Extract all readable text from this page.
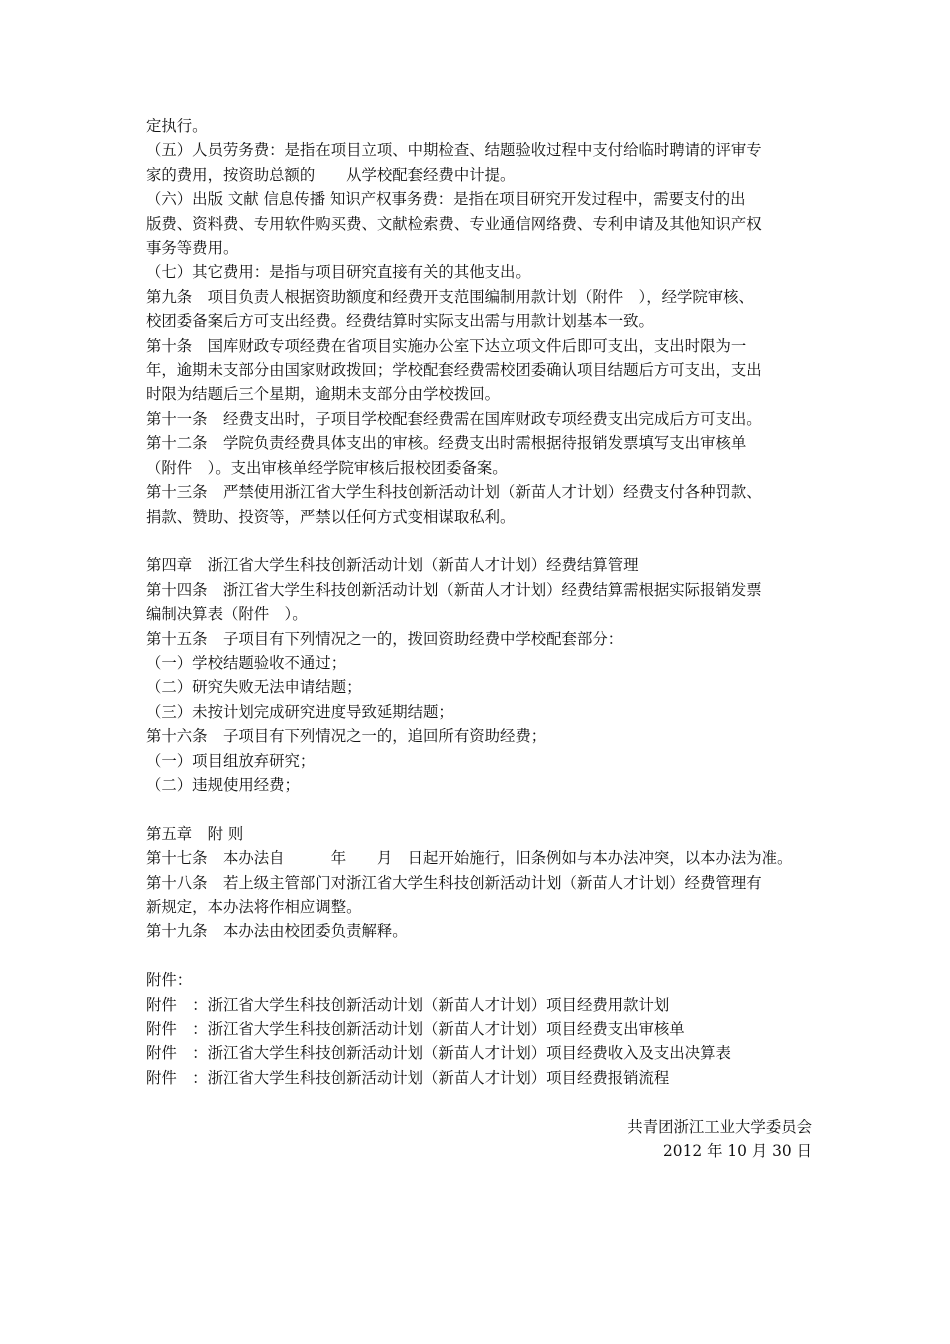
定执行。

（五）人员劳务费：是指在项目立项、中期检查、结题验收过程中支付给临时聘请的评审专

家的费用，按资助总额的　　从学校配套经费中计提。

（六）出版 文献 信息传播 知识产权事务费：是指在项目研究开发过程中，需要支付的出

版费、资料费、专用软件购买费、文献检索费、专业通信网络费、专利申请及其他知识产权

事务等费用。

（七）其它费用：是指与项目研究直接有关的其他支出。

第九条　项目负责人根据资助额度和经费开支范围编制用款计划（附件　），经学院审核、

校团委备案后方可支出经费。经费结算时实际支出需与用款计划基本一致。

第十条　国库财政专项经费在省项目实施办公室下达立项文件后即可支出，支出时限为一

年，逾期未支部分由国家财政拨回；学校配套经费需校团委确认项目结题后方可支出，支出

时限为结题后三个星期，逾期未支部分由学校拨回。

第十一条　经费支出时，子项目学校配套经费需在国库财政专项经费支出完成后方可支出。

第十二条　学院负责经费具体支出的审核。经费支出时需根据待报销发票填写支出审核单

（附件　）。支出审核单经学院审核后报校团委备案。

第十三条　严禁使用浙江省大学生科技创新活动计划（新苗人才计划）经费支付各种罚款、

捐款、赞助、投资等，严禁以任何方式变相谋取私利。

第四章　浙江省大学生科技创新活动计划（新苗人才计划）经费结算管理

第十四条　浙江省大学生科技创新活动计划（新苗人才计划）经费结算需根据实际报销发票

编制决算表（附件　）。

第十五条　子项目有下列情况之一的，拨回资助经费中学校配套部分：

（一）学校结题验收不通过；

（二）研究失败无法申请结题；

（三）未按计划完成研究进度导致延期结题；

第十六条　子项目有下列情况之一的，追回所有资助经费；

（一）项目组放弃研究；

（二）违规使用经费；

第五章　附 则

第十七条　本办法自　　　年　　月　日起开始施行，旧条例如与本办法冲突，以本办法为准。

第十八条　若上级主管部门对浙江省大学生科技创新活动计划（新苗人才计划）经费管理有

新规定，本办法将作相应调整。

第十九条　本办法由校团委负责解释。

附件：

附件　：浙江省大学生科技创新活动计划（新苗人才计划）项目经费用款计划

附件　：浙江省大学生科技创新活动计划（新苗人才计划）项目经费支出审核单

附件　：浙江省大学生科技创新活动计划（新苗人才计划）项目经费收入及支出决算表

附件　：浙江省大学生科技创新活动计划（新苗人才计划）项目经费报销流程

共青团浙江工业大学委员会

2012 年 10 月 30 日
